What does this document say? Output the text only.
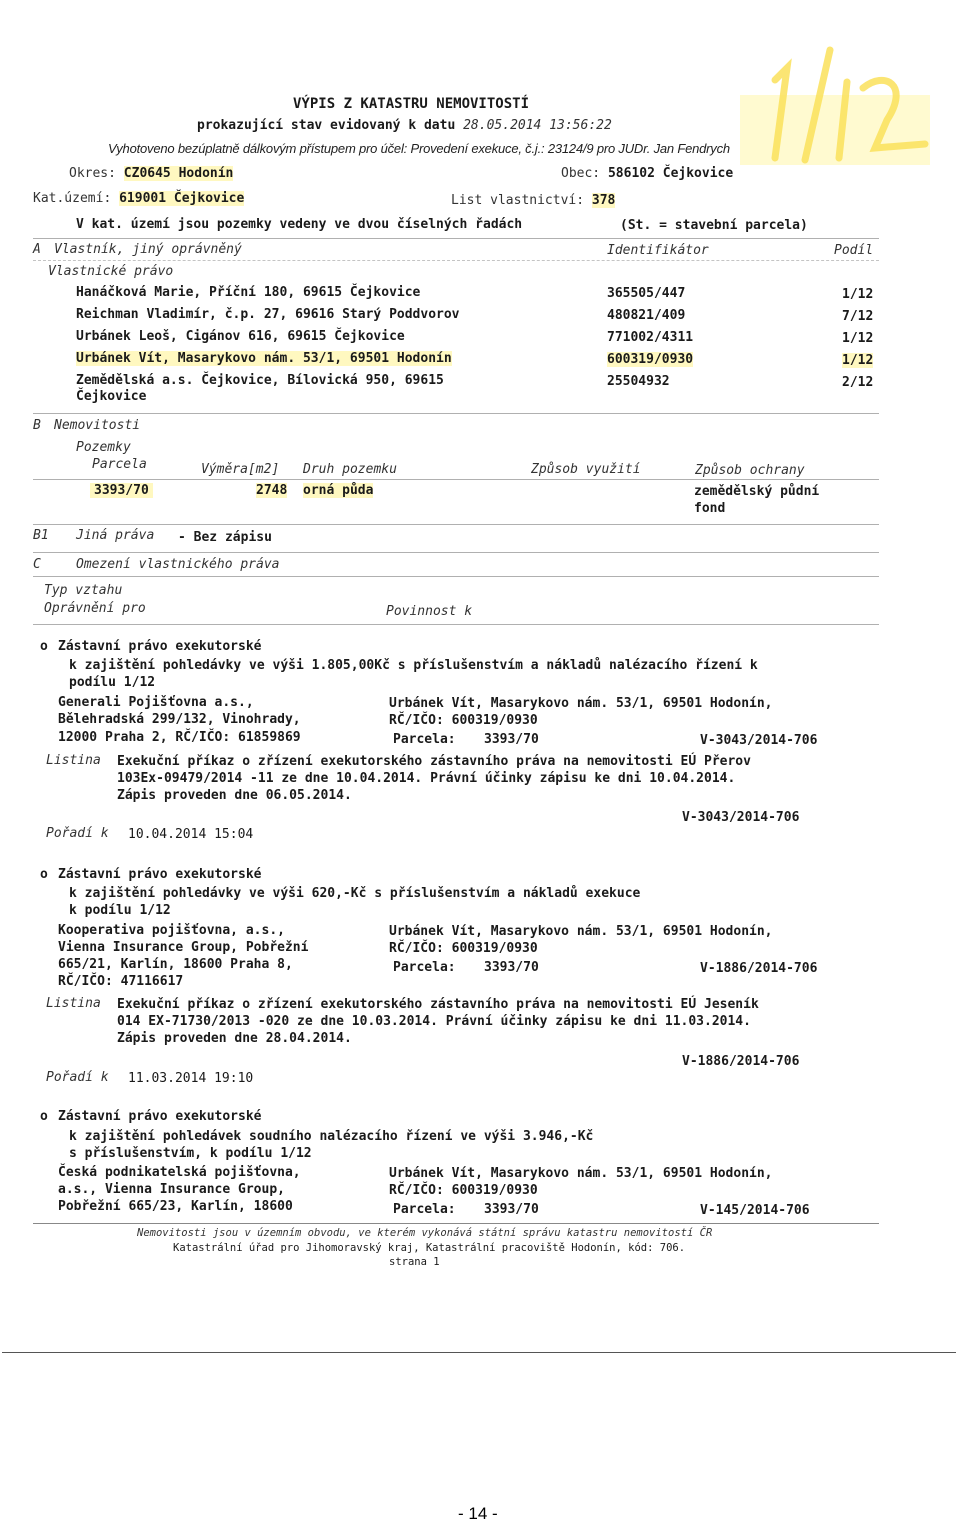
VÝPIS Z KATASTRU NEMOVITOSTÍ
prokazující stav evidovaný k datu 28.05.2014 13:56:22
Vyhotoveno bezúplatně dálkovým přístupem pro účel: Provedení exekuce, č.j.: 23124/9 pro JUDr. Jan Fendrych
Okres: CZ0645 Hodonín	Obec: 586102 Čejkovice
Kat.území: 619001 Čejkovice	List vlastnictví: 378
V kat. území jsou pozemky vedeny ve dvou číselných řadách	(St. = stavební parcela)
A Vlastník, jiný oprávněný	Identifikátor	Podíl
Vlastnické právo
Hanáčková Marie, Příční 180, 69615 Čejkovice	365505/447	1/12
Reichman Vladimír, č.p. 27, 69616 Starý Poddvorov	480821/409	7/12
Urbánek Leoš, Cigánov 616, 69615 Čejkovice	771002/4311	1/12
Urbánek Vít, Masarykovo nám. 53/1, 69501 Hodonín	600319/0930	1/12
Zemědělská a.s. Čejkovice, Bílovická 950, 69615
Čejkovice
25504932	2/12
B Nemovitosti
Pozemky
Parcela	Výměra[m2] Druh pozemku	Způsob využití	Způsob ochrany
3393/70	2748 orná půda	zemědělský půdní
fond
B1 Jiná práva - Bez zápisu
C	Omezení vlastnického práva
Typ vztahu
Oprávnění pro	Povinnost k
o Zástavní právo exekutorské
k zajištění pohledávky ve výši 1.805,00Kč s příslušenstvím a nákladů nalézacího řízení k
podílu 1/12
Generali Pojišťovna a.s.,
Bělehradská 299/132, Vinohrady,
12000 Praha 2, RČ/IČO: 61859869
Urbánek Vít, Masarykovo nám. 53/1, 69501 Hodonín,
RČ/IČO: 600319/0930
Parcela: 3393/70	V-3043/2014-706
Listina Exekuční příkaz o zřízení exekutorského zástavního práva na nemovitosti EÚ Přerov
103Ex-09479/2014 -11 ze dne 10.04.2014. Právní účinky zápisu ke dni 10.04.2014.
Zápis proveden dne 06.05.2014.
V-3043/2014-706
Pořadí k 10.04.2014 15:04
o Zástavní právo exekutorské
k zajištění pohledávky ve výši 620,-Kč s příslušenstvím a nákladů exekuce
k podílu 1/12
Kooperativa pojišťovna, a.s.,
Vienna Insurance Group, Pobřežní
665/21, Karlín, 18600 Praha 8,
RČ/IČO: 47116617
Urbánek Vít, Masarykovo nám. 53/1, 69501 Hodonín,
RČ/IČO: 600319/0930
Parcela: 3393/70	V-1886/2014-706
Listina Exekuční příkaz o zřízení exekutorského zástavního práva na nemovitosti EÚ Jeseník
014 EX-71730/2013 -020 ze dne 10.03.2014. Právní účinky zápisu ke dni 11.03.2014.
Zápis proveden dne 28.04.2014.
V-1886/2014-706
Pořadí k 11.03.2014 19:10
o Zástavní právo exekutorské
k zajištění pohledávek soudního nalézacího řízení ve výši 3.946,-Kč
s příslušenstvím, k podílu 1/12
Česká podnikatelská pojišťovna,
a.s., Vienna Insurance Group,
Pobřežní 665/23, Karlín, 18600
Urbánek Vít, Masarykovo nám. 53/1, 69501 Hodonín,
RČ/IČO: 600319/0930
Parcela: 3393/70	V-145/2014-706
Nemovitosti jsou v územním obvodu, ve kterém vykonává státní správu katastru nemovitostí ČR
Katastrální úřad pro Jihomoravský kraj, Katastrální pracoviště Hodonín, kód: 706.
strana 1
- 14 -
